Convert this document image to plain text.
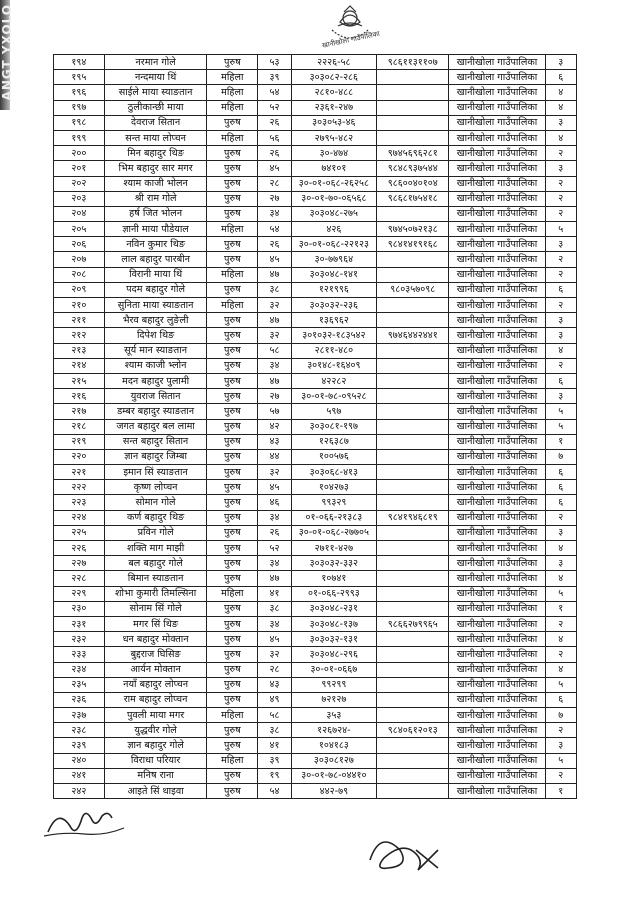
ANGT YXOLO	खानीखोला गाउँपालिका
१९४	नरमान गोले	पुरुष	५३	२२२६-५८	९८६११३११०७	खानीखोला गाउँपालिका	३
१९५	नन्दमाया थिं	महिला	३९	३०३०८२-२८६		खानीखोला गाउँपालिका	६
१९६	साईले माया स्याङतान	महिला	५४	२८१०-४८८		खानीखोला गाउँपालिका	४
१९७	ठुलीकान्छी माया	महिला	५२	२३६१-२४७		खानीखोला गाउँपालिका	४
१९८	देवराज सितान	पुरुष	२६	३०३०५३-४६		खानीखोला गाउँपालिका	३
१९९	सन्त माया लोप्चन	महिला	५६	२७९५-४८२		खानीखोला गाउँपालिका	४
२००	मिन बहादुर थिङ	पुरुष	२६	३०-४७४	९७४५६९६२८१	खानीखोला गाउँपालिका	२
२०१	भिम बहादुर सार मगर	पुरुष	४५	७४१०१	९८४८९३७५४४	खानीखोला गाउँपालिका	३
२०२	श्याम काजी भोलन	पुरुष	२८	३०-०१-०६८-२६२५८	९८६००४०१०४	खानीखोला गाउँपालिका	२
२०३	श्री राम गोले	पुरुष	२७	३०-०१-७०-०६५६८	९८६८१७५४१८	खानीखोला गाउँपालिका	२
२०४	हर्ष जित भोलन	पुरुष	३४	३०३०४८-२७५		खानीखोला गाउँपालिका	२
२०५	ज्ञानी माया पौडेयाल	महिला	५४	४२६	९७४५०७२१३८	खानीखोला गाउँपालिका	५
२०६	नविन कुमार थिङ	पुरुष	२६	३०-०१-०६८-२२१२३	९८४१४१९१६८	खानीखोला गाउँपालिका	३
२०७	लाल बहादुर पारबीन	पुरुष	४५	३०-७७९६४		खानीखोला गाउँपालिका	२
२०८	विरानी माया थिं	महिला	४७	३०३०४८-१४१		खानीखोला गाउँपालिका	२
२०९	पदम बहादुर गोले	पुरुष	३८	१२१९९६	९८०३५७०९८	खानीखोला गाउँपालिका	६
२१०	सुनिता माया स्याङतान	महिला	३२	३०३०३२-२३६		खानीखोला गाउँपालिका	२
२११	भैरव बहादुर लुङेली	पुरुष	४७	१३६९६२		खानीखोला गाउँपालिका	३
२१२	दिपेश थिङ	पुरुष	३२	३०१०३२-१८३५४२	९७४६४४२४४१	खानीखोला गाउँपालिका	३
२१३	सूर्य मान स्याङतान	पुरुष	५८	२८११-४८०		खानीखोला गाउँपालिका	४
२१४	श्याम काजी भ्लोन	पुरुष	३४	३०१४८-१६४०९		खानीखोला गाउँपालिका	२
२१५	मदन बहादुर पुलामी	पुरुष	४७	४२२८२		खानीखोला गाउँपालिका	६
२१६	युवराज सितान	पुरुष	२७	३०-०१-७८-०९५२८		खानीखोला गाउँपालिका	३
२१७	डम्बर बहादुर स्याङतान	पुरुष	५७	५९७		खानीखोला गाउँपालिका	५
२१८	जगत बहादुर बल लामा	पुरुष	४२	३०३०८१-१९७		खानीखोला गाउँपालिका	५
२१९	सन्त बहादुर सितान	पुरुष	४३	१२६३८७		खानीखोला गाउँपालिका	१
२२०	ज्ञान बहादुर जिम्बा	पुरुष	४४	१००५७६		खानीखोला गाउँपालिका	७
२२१	इमान सिं स्याङतान	पुरुष	३२	३०३०६८-४१३		खानीखोला गाउँपालिका	६
२२२	कृष्ण लोप्चन	पुरुष	४५	१०४२७३		खानीखोला गाउँपालिका	६
२२३	सोमान गोले	पुरुष	४६	९९३२९		खानीखोला गाउँपालिका	६
२२४	कर्ण बहादुर थिङ	पुरुष	३४	०१-०६६-२१३८३	९८४१९४६८१९	खानीखोला गाउँपालिका	२
२२५	प्रविन गोले	पुरुष	२६	३०-०१-०६८-२७७०५		खानीखोला गाउँपालिका	३
२२६	शक्ति माग माझी	पुरुष	५२	२७११-४२७		खानीखोला गाउँपालिका	४
२२७	बल बहादुर गोले	पुरुष	३४	३०३०३२-३३२		खानीखोला गाउँपालिका	३
२२८	बिमान स्याङतान	पुरुष	४७	१०७४१		खानीखोला गाउँपालिका	४
२२९	शोभा कुमारी तिमल्सिना	महिला	४१	०१-०६६-२९९३		खानीखोला गाउँपालिका	५
२३०	सोनाम सिं गोले	पुरुष	३८	३०३०४८-२३१		खानीखोला गाउँपालिका	१
२३१	मगर सिं थिङ	पुरुष	३४	३०३०४८-१३७	९८६६२७९९६५	खानीखोला गाउँपालिका	२
२३२	धन बहादुर मोक्तान	पुरुष	४५	३०३०३२-१३१		खानीखोला गाउँपालिका	४
२३३	बुद्दराज घिसिङ	पुरुष	३२	३०३०४८-२९६		खानीखोला गाउँपालिका	२
२३४	आर्यन मोक्तान	पुरुष	२८	३०-०१-०६६७		खानीखोला गाउँपालिका	४
२३५	नयाँ बहादुर लोप्चन	पुरुष	४३	९९२९९		खानीखोला गाउँपालिका	५
२३६	राम बहादुर लोप्चन	पुरुष	४९	७२१२७		खानीखोला गाउँपालिका	६
२३७	पुवली माया मगर	महिला	५८	३५३		खानीखोला गाउँपालिका	७
२३८	युद्धवीर गोले	पुरुष	३८	१२६७२४-	९८४०६१२०१३	खानीखोला गाउँपालिका	२
२३९	ज्ञान बहादुर गोले	पुरुष	४१	१०४१८३		खानीखोला गाउँपालिका	३
२४०	विराधा परियार	महिला	३९	३०३०८१२७		खानीखोला गाउँपालिका	५
२४१	मनिष राना	पुरुष	१९	३०-०१-७८-०४४१०		खानीखोला गाउँपालिका	२
२४२	आइते सिं थाइवा	पुरुष	५४	४४२-७९		खानीखोला गाउँपालिका	१
